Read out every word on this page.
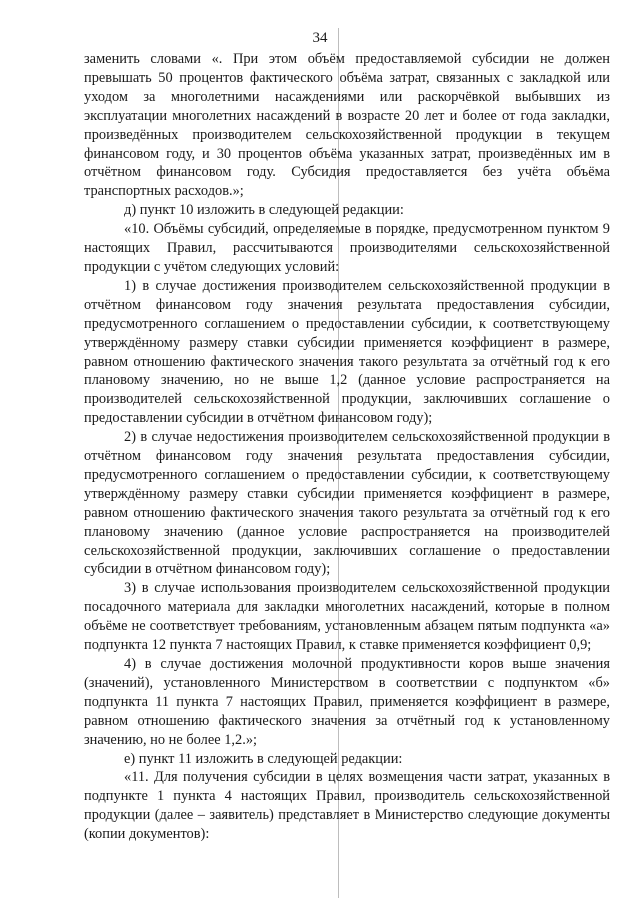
34

заменить словами «. При этом объём предоставляемой субсидии не должен превышать 50 процентов фактического объёма затрат, связанных с закладкой или уходом за многолетними насаждениями или раскорчёвкой выбывших из эксплуатации многолетних насаждений в возрасте 20 лет и более от года закладки, произведённых производителем сельскохозяйственной продукции в текущем финансовом году, и 30 процентов объёма указанных затрат, произведённых им в отчётном финансовом году. Субсидия предоставляется без учёта объёма транспортных расходов.»;

д) пункт 10 изложить в следующей редакции:

«10. Объёмы субсидий, определяемые в порядке, предусмотренном пунктом 9 настоящих Правил, рассчитываются производителями сельскохозяйственной продукции с учётом следующих условий:

1) в случае достижения производителем сельскохозяйственной продукции в отчётном финансовом году значения результата предоставления субсидии, предусмотренного соглашением о предоставлении субсидии, к соответствующему утверждённому размеру ставки субсидии применяется коэффициент в размере, равном отношению фактического значения такого результата за отчётный год к его плановому значению, но не выше 1,2 (данное условие распространяется на производителей сельскохозяйственной продукции, заключивших соглашение о предоставлении субсидии в отчётном финансовом году);

2) в случае недостижения производителем сельскохозяйственной продукции в отчётном финансовом году значения результата предоставления субсидии, предусмотренного соглашением о предоставлении субсидии, к соответствующему утверждённому размеру ставки субсидии применяется коэффициент в размере, равном отношению фактического значения такого результата за отчётный год к его плановому значению (данное условие распространяется на производителей сельскохозяйственной продукции, заключивших соглашение о предоставлении субсидии в отчётном финансовом году);

3) в случае использования производителем сельскохозяйственной продукции посадочного материала для закладки многолетних насаждений, которые в полном объёме не соответствует требованиям, установленным абзацем пятым подпункта «а» подпункта 12 пункта 7 настоящих Правил, к ставке применяется коэффициент 0,9;

4) в случае достижения молочной продуктивности коров выше значения (значений), установленного Министерством в соответствии с подпунктом «б» подпункта 11 пункта 7 настоящих Правил, применяется коэффициент в размере, равном отношению фактического значения за отчётный год к установленному значению, но не более 1,2.»;

е) пункт 11 изложить в следующей редакции:

«11. Для получения субсидии в целях возмещения части затрат, указанных в подпункте 1 пункта 4 настоящих Правил, производитель сельскохозяйственной продукции (далее – заявитель) представляет в Министерство следующие документы (копии документов):
